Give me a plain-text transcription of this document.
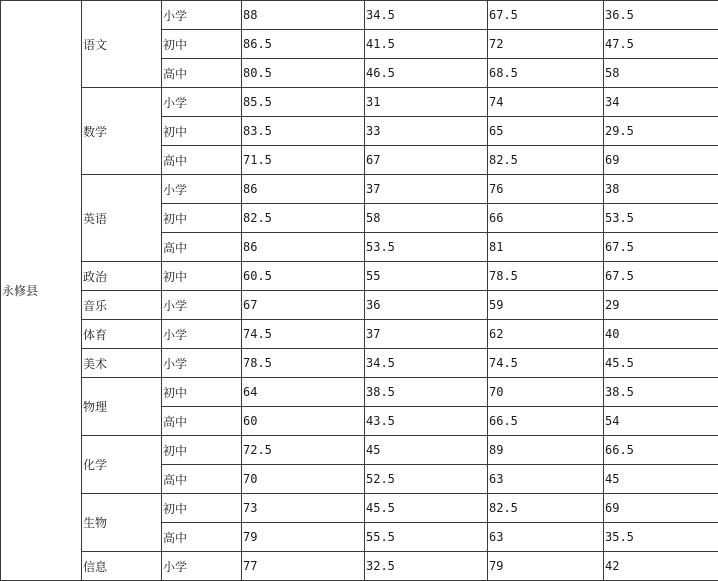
永修县	语文	小学	88	34.5	67.5	36.5
		初中	86.5	41.5	72	47.5
		高中	80.5	46.5	68.5	58
	数学	小学	85.5	31	74	34
		初中	83.5	33	65	29.5
		高中	71.5	67	82.5	69
	英语	小学	86	37	76	38
		初中	82.5	58	66	53.5
		高中	86	53.5	81	67.5
	政治	初中	60.5	55	78.5	67.5
	音乐	小学	67	36	59	29
	体育	小学	74.5	37	62	40
	美术	小学	78.5	34.5	74.5	45.5
	物理	初中	64	38.5	70	38.5
		高中	60	43.5	66.5	54
	化学	初中	72.5	45	89	66.5
		高中	70	52.5	63	45
	生物	初中	73	45.5	82.5	69
		高中	79	55.5	63	35.5
	信息	小学	77	32.5	79	42
